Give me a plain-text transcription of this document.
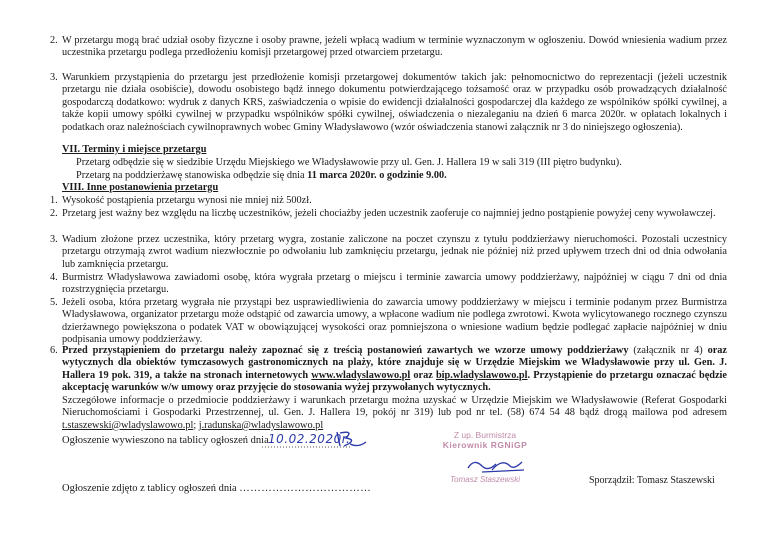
2. W przetargu mogą brać udział osoby fizyczne i osoby prawne, jeżeli wpłacą wadium w terminie wyznaczonym w ogłoszeniu. Dowód wniesienia wadium przez uczestnika przetargu podlega przedłożeniu komisji przetargowej przed otwarciem przetargu.
3. Warunkiem przystąpienia do przetargu jest przedłożenie komisji przetargowej dokumentów takich jak: pełnomocnictwo do reprezentacji (jeżeli uczestnik przetargu nie działa osobiście), dowodu osobistego bądź innego dokumentu potwierdzającego tożsamość oraz w przypadku osób prowadzących działalność gospodarczą dodatkowo: wydruk z danych KRS, zaświadczenia o wpisie do ewidencji działalności gospodarczej dla każdego ze wspólników spółki cywilnej, a także kopii umowy spółki cywilnej w przypadku wspólników spółki cywilnej, oświadczenia o niezaleganiu na dzień 6 marca 2020r. w opłatach lokalnych i podatkach oraz należnościach cywilnoprawnych wobec Gminy Władysławowo (wzór oświadczenia stanowi załącznik nr 3 do niniejszego ogłoszenia).
VII. Terminy i miejsce przetargu
Przetarg odbędzie się w siedzibie Urzędu Miejskiego we Władysławowie przy ul. Gen. J. Hallera 19 w sali 319 (III piętro budynku).
Przetarg na poddzierżawę stanowiska odbędzie się dnia 11 marca 2020r. o godzinie 9.00.
VIII. Inne postanowienia przetargu
1. Wysokość postąpienia przetargu wynosi nie mniej niż 500zł.
2. Przetarg jest ważny bez względu na liczbę uczestników, jeżeli chociażby jeden uczestnik zaoferuje co najmniej jedno postąpienie powyżej ceny wywoławczej.
3. Wadium złożone przez uczestnika, który przetarg wygra, zostanie zaliczone na poczet czynszu z tytułu poddzierżawy nieruchomości. Pozostali uczestnicy przetargu otrzymają zwrot wadium niezwłocznie po odwołaniu lub zamknięciu przetargu, jednak nie później niż przed upływem trzech dni od dnia odwołania lub zamknięcia przetargu.
4. Burmistrz Władysławowa zawiadomi osobę, która wygrała przetarg o miejscu i terminie zawarcia umowy poddzierżawy, najpóźniej w ciągu 7 dni od dnia rozstrzygnięcia przetargu.
5. Jeżeli osoba, która przetarg wygrała nie przystąpi bez usprawiedliwienia do zawarcia umowy poddzierżawy w miejscu i terminie podanym przez Burmistrza Władysławowa, organizator przetargu może odstąpić od zawarcia umowy, a wpłacone wadium nie podlega zwrotowi. Kwota wylicytowanego rocznego czynszu dzierżawnego powiększona o podatek VAT w obowiązującej wysokości oraz pomniejszona o wniesione wadium będzie podlegać zapłacie najpóźniej w dniu podpisania umowy poddzierżawy.
6. Przed przystąpieniem do przetargu należy zapoznać się z treścią postanowień zawartych we wzorze umowy poddzierżawy (załącznik nr 4) oraz wytycznych dla obiektów tymczasowych gastronomicznych na plaży, które znajduje się w Urzędzie Miejskim we Władysławowie przy ul. Gen. J. Hallera 19 pok. 319, a także na stronach internetowych www.wladyslawowo.pl oraz bip.wladyslawowo.pl. Przystąpienie do przetargu oznaczać będzie akceptację warunków w/w umowy oraz przyjęcie do stosowania wyżej przywołanych wytycznych.
Szczegółowe informacje o przedmiocie poddzierżawy i warunkach przetargu można uzyskać w Urzędzie Miejskim we Władysławowie (Referat Gospodarki Nieruchomościami i Gospodarki Przestrzennej, ul. Gen. J. Hallera 19, pokój nr 319) lub pod nr tel. (58) 674 54 48 bądź drogą mailowa pod adresem t.staszewski@wladyslawowo.pl; j.radunska@wladyslawowo.pl
Ogłoszenie wywieszono na tablicy ogłoszeń dnia 10.02.2020r.
Ogłoszenie zdjęto z tablicy ogłoszeń dnia ………………………………
Z up. Burmistrza
Kierownik RGNiGP
Tomasz Staszewski	Sporządził: Tomasz Staszewski
